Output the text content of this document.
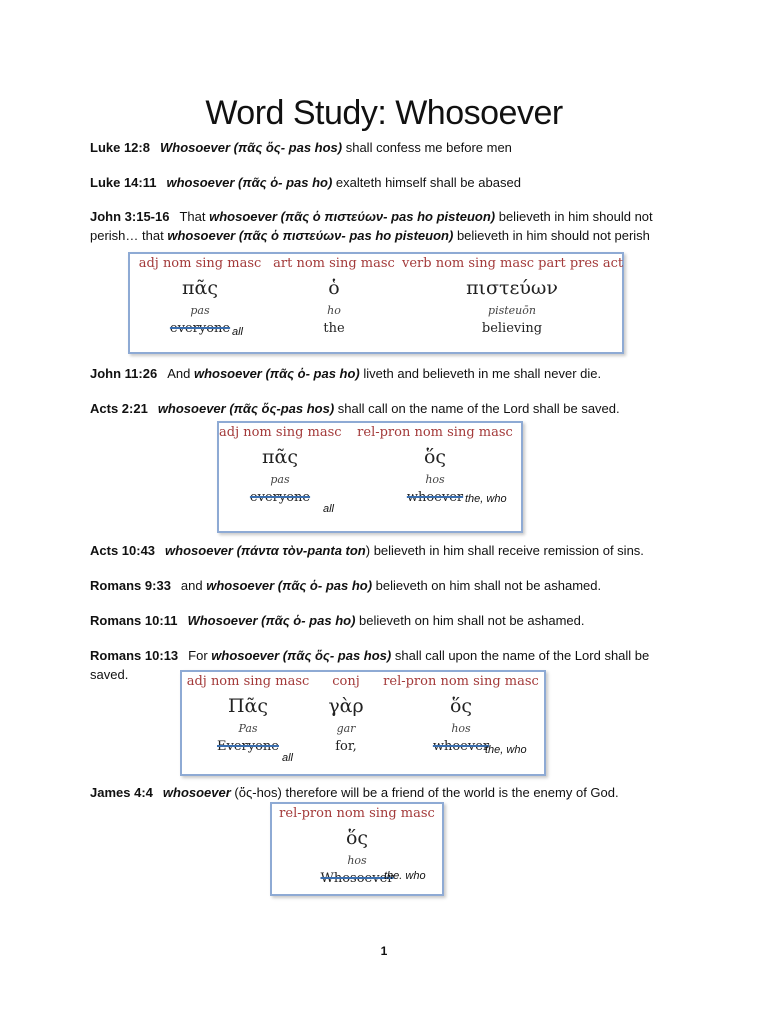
Word Study: Whosoever
Luke 12:8 Whosoever (πᾶς ὅς- pas hos) shall confess me before men
Luke 14:11 whosoever (πᾶς ὁ- pas ho) exalteth himself shall be abased
John 3:15-16 That whosoever (πᾶς ὁ πιστεύων- pas ho pisteuon) believeth in him should not perish… that whosoever (πᾶς ὁ πιστεύων- pas ho pisteuon) believeth in him should not perish
adj nom sing masc
πᾶς
pas
everyone
art nom sing masc
ὁ
ho
the
verb nom sing masc part pres act
πιστεύων
pisteuōn
believing
all
John 11:26 And whosoever (πᾶς ὁ- pas ho) liveth and believeth in me shall never die.
Acts 2:21 whosoever (πᾶς ὅς-pas hos) shall call on the name of the Lord shall be saved.
adj nom sing masc
πᾶς
pas
everyone
rel-pron nom sing masc
ὅς
hos
whoever
all
the, who
Acts 10:43 whosoever (πάντα τὸν-panta ton) believeth in him shall receive remission of sins.
Romans 9:33 and whosoever (πᾶς ὁ- pas ho) believeth on him shall not be ashamed.
Romans 10:11 Whosoever (πᾶς ὁ- pas ho) believeth on him shall not be ashamed.
Romans 10:13 For whosoever (πᾶς ὅς- pas hos) shall call upon the name of the Lord shall be saved.	adj nom sing masc
Πᾶς
Pas
Everyone
conj
γὰρ
gar
for,
rel-pron nom sing masc
ὅς
hos
whoever
all
the, who
James 4:4 whosoever (ὅς-hos) therefore will be a friend of the world is the enemy of God.
rel-pron nom sing masc
ὅς
hos
Whosoever
the. who
1
